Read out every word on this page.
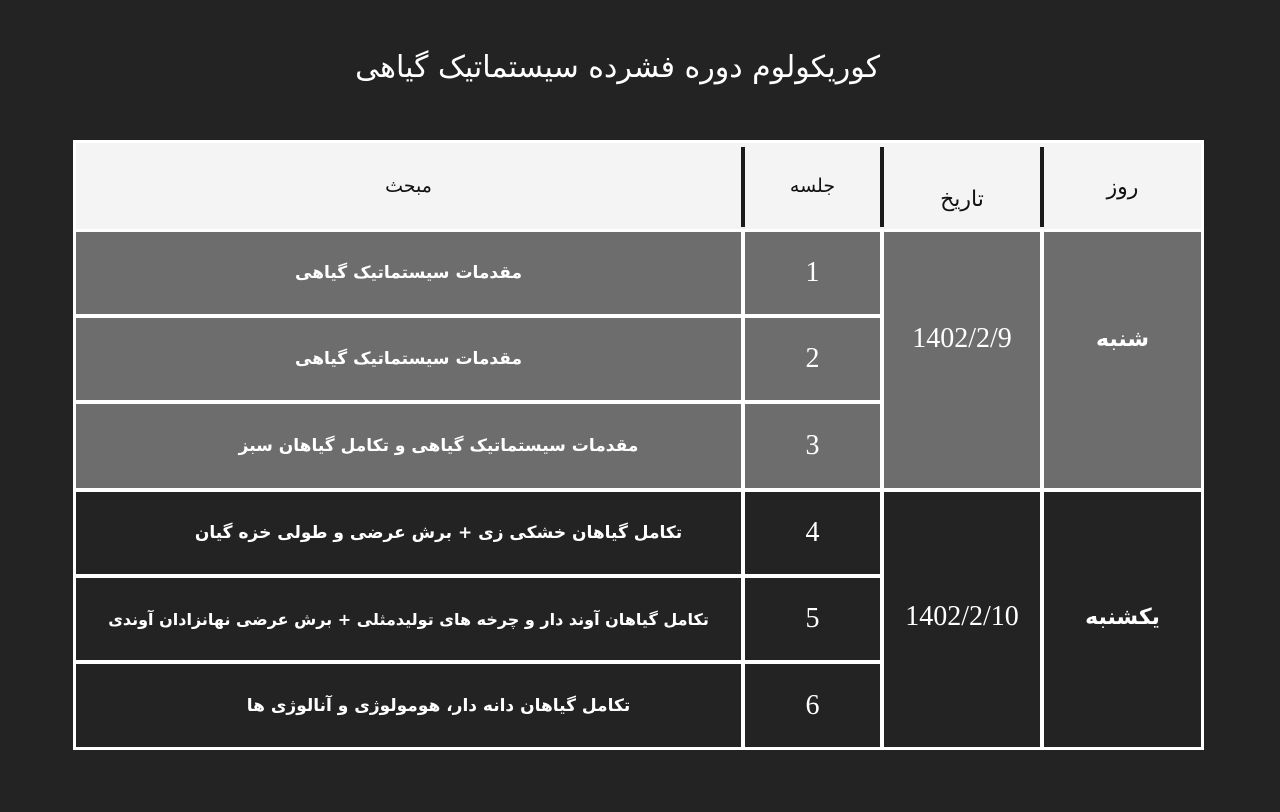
کوریکولوم دوره فشرده سیستماتیک گیاهی
مبحث	جلسه
تاریخ	روز
شنبه
1402/2/9
1
مقدمات سیستماتیک گیاهی
2
مقدمات سیستماتیک گیاهی
3
مقدمات سیستماتیک گیاهی و تکامل گیاهان سبز
یکشنبه
1402/2/10
4
تکامل گیاهان خشکی زی + برش عرضی و طولی خزه گیان
5
تکامل گیاهان آوند دار و چرخه های تولیدمثلی + برش عرضی نهانزادان آوندی
6
تکامل گیاهان دانه دار، هومولوژی و آنالوژی ها
